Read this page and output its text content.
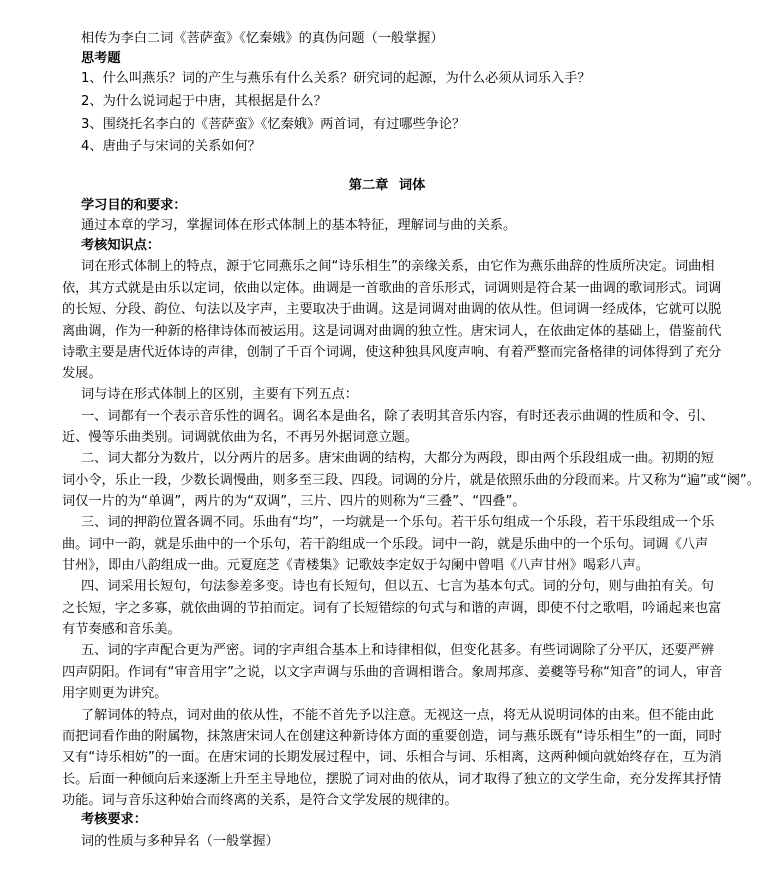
相传为李白二词《菩萨蛮》《忆秦娥》的真伪问题（一般掌握）

思考题

1、什么叫燕乐？词的产生与燕乐有什么关系？研究词的起源，为什么必须从词乐入手？

2、为什么说词起于中唐，其根据是什么？

3、围绕托名李白的《菩萨蛮》《忆秦娥》两首词，有过哪些争论？

4、唐曲子与宋词的关系如何？

第二章 词体

学习目的和要求：

通过本章的学习，掌握词体在形式体制上的基本特征，理解词与曲的关系。

考核知识点：

词在形式体制上的特点，源于它同燕乐之间“诗乐相生”的亲缘关系，由它作为燕乐曲辞的性质所决定。词曲相

依，其方式就是由乐以定词，依曲以定体。曲调是一首歌曲的音乐形式，词调则是符合某一曲调的歌词形式。词调

的长短、分段、韵位、句法以及字声，主要取决于曲调。这是词调对曲调的依从性。但词调一经成体，它就可以脱

离曲调，作为一种新的格律诗体而被运用。这是词调对曲调的独立性。唐宋词人，在依曲定体的基础上，借鉴前代

诗歌主要是唐代近体诗的声律，创制了千百个词调，使这种独具风度声响、有着严整而完备格律的词体得到了充分

发展。

词与诗在形式体制上的区别，主要有下列五点：

一、词都有一个表示音乐性的调名。调名本是曲名，除了表明其音乐内容，有时还表示曲调的性质和令、引、

近、慢等乐曲类别。词调就依曲为名，不再另外据词意立题。

二、词大都分为数片，以分两片的居多。唐宋曲调的结构，大都分为两段，即由两个乐段组成一曲。初期的短

词小令，乐止一段，少数长调慢曲，则多至三段、四段。词调的分片，就是依照乐曲的分段而来。片又称为“遍”或“阕”。

词仅一片的为“单调”，两片的为“双调”，三片、四片的则称为“三叠”、“四叠”。

三、词的押韵位置各调不同。乐曲有“均”，一均就是一个乐句。若干乐句组成一个乐段，若干乐段组成一个乐

曲。词中一韵，就是乐曲中的一个乐句，若干韵组成一个乐段。词中一韵，就是乐曲中的一个乐句。词调《八声

甘州》，即由八韵组成一曲。元夏庭芝《青楼集》记歌妓李定奴于勾阑中曾唱《八声甘州》喝彩八声。

四、词采用长短句，句法参差多变。诗也有长短句，但以五、七言为基本句式。词的分句，则与曲拍有关。句

之长短，字之多寡，就依曲调的节拍而定。词有了长短错综的句式与和谐的声调，即使不付之歌唱，吟诵起来也富

有节奏感和音乐美。

五、词的字声配合更为严密。词的字声组合基本上和诗律相似，但变化甚多。有些词调除了分平仄，还要严辨

四声阴阳。作词有“审音用字”之说，以文字声调与乐曲的音调相谐合。象周邦彦、姜夔等号称“知音”的词人，审音

用字则更为讲究。

了解词体的特点，词对曲的依从性，不能不首先予以注意。无视这一点，将无从说明词体的由来。但不能由此

而把词看作曲的附属物，抹煞唐宋词人在创建这种新诗体方面的重要创造，词与燕乐既有“诗乐相生”的一面，同时

又有“诗乐相妨”的一面。在唐宋词的长期发展过程中，词、乐相合与词、乐相离，这两种倾向就始终存在，互为消

长。后面一种倾向后来逐渐上升至主导地位，摆脱了词对曲的依从，词才取得了独立的文学生命，充分发挥其抒情

功能。词与音乐这种始合而终离的关系，是符合文学发展的规律的。

考核要求：

词的性质与多种异名（一般掌握）
